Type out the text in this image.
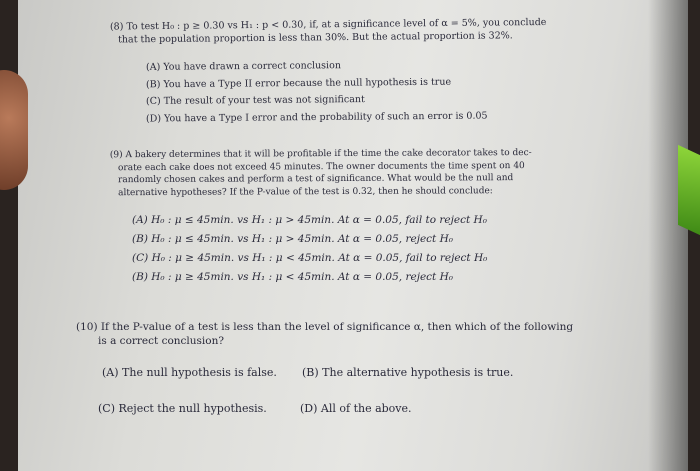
(8) To test H₀ : p ≥ 0.30 vs H₁ : p < 0.30, if, at a significance level of α = 5%, you conclude
that the population proportion is less than 30%. But the actual proportion is 32%.
(A) You have drawn a correct conclusion
(B) You have a Type II error because the null hypothesis is true
(C) The result of your test was not significant
(D) You have a Type I error and the probability of such an error is 0.05
(9) A bakery determines that it will be profitable if the time the cake decorator takes to dec-
orate each cake does not exceed 45 minutes. The owner documents the time spent on 40
randomly chosen cakes and perform a test of significance. What would be the null and
alternative hypotheses? If the P-value of the test is 0.32, then he should conclude:
(A) H₀ : μ ≤ 45min. vs H₁ : μ > 45min. At α = 0.05, fail to reject H₀
(B) H₀ : μ ≤ 45min. vs H₁ : μ > 45min. At α = 0.05, reject H₀
(C) H₀ : μ ≥ 45min. vs H₁ : μ < 45min. At α = 0.05, fail to reject H₀
(B) H₀ : μ ≥ 45min. vs H₁ : μ < 45min. At α = 0.05, reject H₀
(10) If the P-value of a test is less than the level of significance α, then which of the following
is a correct conclusion?
(A) The null hypothesis is false. (B) The alternative hypothesis is true.
(C) Reject the null hypothesis.	(D) All of the above.
